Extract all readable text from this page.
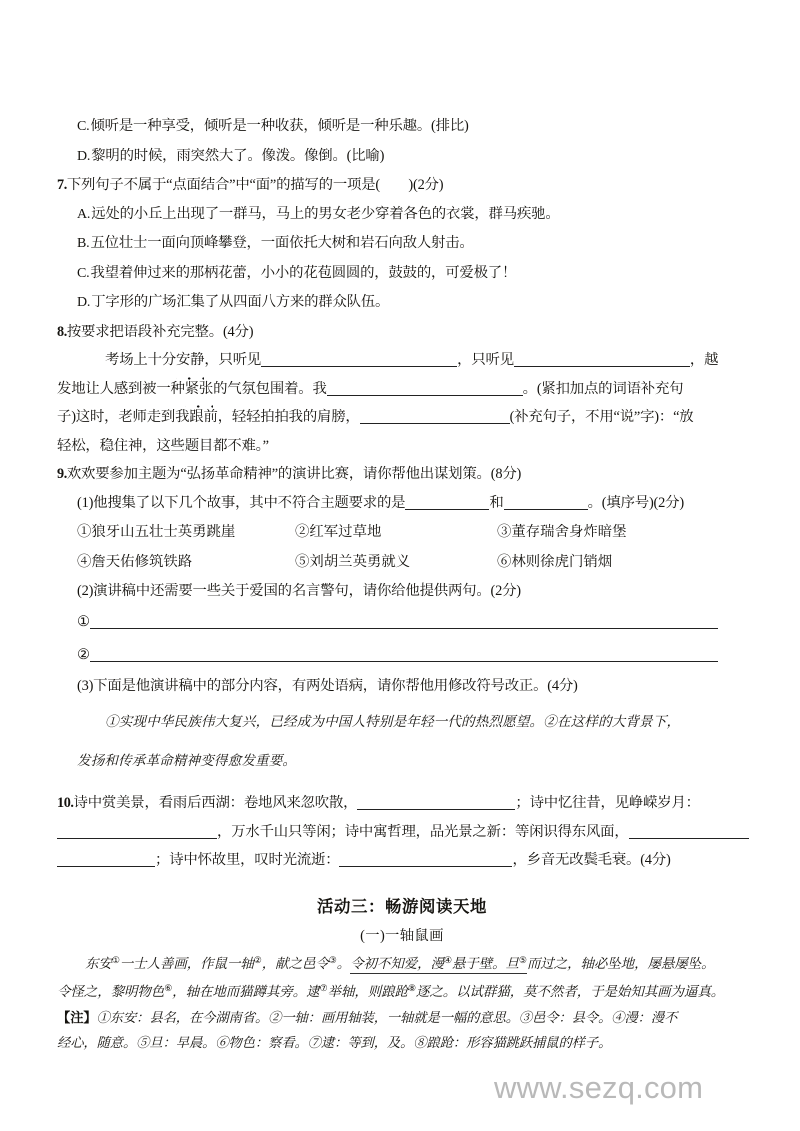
C.倾听是一种享受，倾听是一种收获，倾听是一种乐趣。(排比)
D.黎明的时候，雨突然大了。像泼。像倒。(比喻)
7.下列句子不属于“点面结合”中“面”的描写的一项是(　　)(2分)
A.远处的小丘上出现了一群马，马上的男女老少穿着各色的衣裳，群马疾驰。
B.五位壮士一面向顶峰攀登，一面依托大树和岩石向敌人射击。
C.我望着伸过来的那柄花蕾，小小的花苞圆圆的，鼓鼓的，可爱极了！
D.丁字形的广场汇集了从四面八方来的群众队伍。
8.按要求把语段补充完整。(4分)
考场上十分安静，只听见	，只听见	，越
发地让人感到被一种紧张的气氛包围着。我	。(紧扣加点的词语补充句
子)这时，老师走到我跟前，轻轻拍拍我的肩膀，	(补充句子，不用“说”字)：“放
轻松，稳住神，这些题目都不难。”
9.欢欢要参加主题为“弘扬革命精神”的演讲比赛，请你帮他出谋划策。(8分)
(1)他搜集了以下几个故事，其中不符合主题要求的是	和	。(填序号)(2分)
①狼牙山五壮士英勇跳崖	②红军过草地	③董存瑞舍身炸暗堡
④詹天佑修筑铁路	⑤刘胡兰英勇就义	⑥林则徐虎门销烟
(2)演讲稿中还需要一些关于爱国的名言警句，请你给他提供两句。(2分)
①
②
(3)下面是他演讲稿中的部分内容，有两处语病，请你帮他用修改符号改正。(4分)
①实现中华民族伟大复兴，已经成为中国人特别是年轻一代的热烈愿望。②在这样的大背景下，
发扬和传承革命精神变得愈发重要。
10.诗中赏美景，看雨后西湖：卷地风来忽吹散，	；诗中忆往昔，见峥嵘岁月：
，万水千山只等闲；诗中寓哲理，品光景之新：等闲识得东风面，
；诗中怀故里，叹时光流逝：	，乡音无改鬓毛衰。(4分)
活动三：畅游阅读天地
(一)一轴鼠画
东安①一士人善画，作鼠一轴②，献之邑令③。令初不知爱，漫④悬于壁。旦⑤而过之，轴必坠地，屡悬屡坠。
令怪之，黎明物色⑥，轴在地而猫蹲其旁。逮⑦举轴，则踉跄⑧逐之。以试群猫，莫不然者，于是始知其画为逼真。
【注】①东安：县名，在今湖南省。②一轴：画用轴装，一轴就是一幅的意思。③邑令：县令。④漫：漫不
经心，随意。⑤旦：早晨。⑥物色：察看。⑦逮：等到，及。⑧踉跄：形容猫跳跃捕鼠的样子。
www.sezq.com
